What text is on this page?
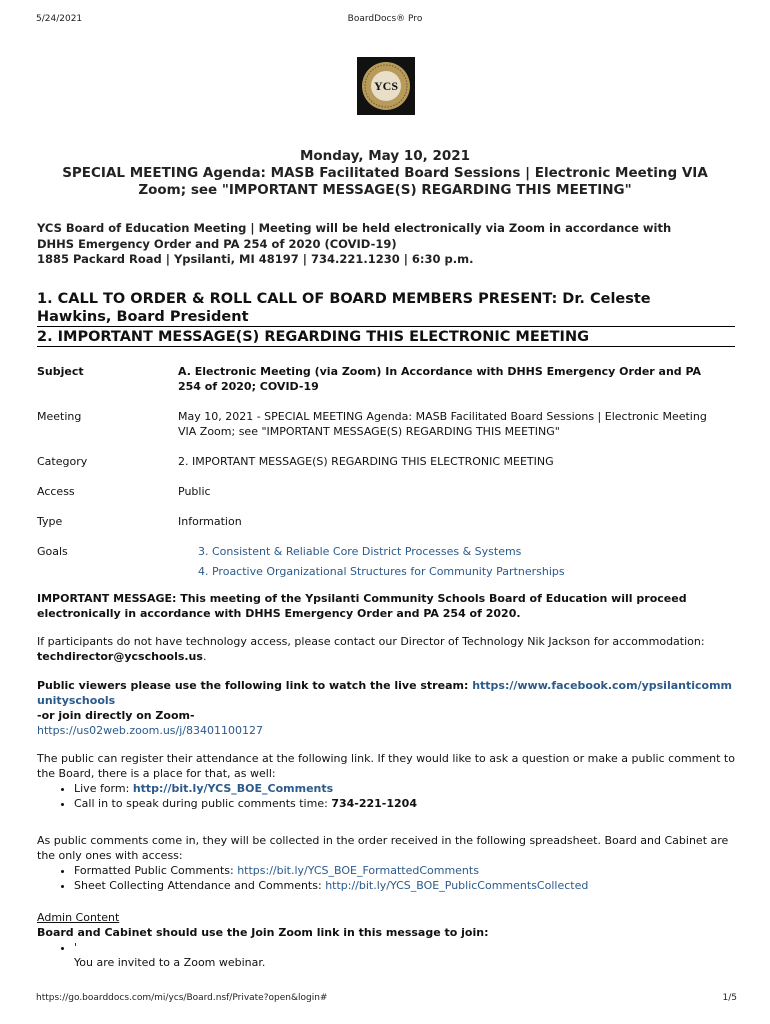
5/24/2021	BoardDocs® Pro
YCS
Monday, May 10, 2021
SPECIAL MEETING Agenda: MASB Facilitated Board Sessions | Electronic Meeting VIA
Zoom; see "IMPORTANT MESSAGE(S) REGARDING THIS MEETING"
YCS Board of Education Meeting | Meeting will be held electronically via Zoom in accordance with
DHHS Emergency Order and PA 254 of 2020 (COVID-19)
1885 Packard Road | Ypsilanti, MI 48197 | 734.221.1230 | 6:30 p.m.
1. CALL TO ORDER & ROLL CALL OF BOARD MEMBERS PRESENT: Dr. Celeste
Hawkins, Board President
2. IMPORTANT MESSAGE(S) REGARDING THIS ELECTRONIC MEETING
Subject	A. Electronic Meeting (via Zoom) In Accordance with DHHS Emergency Order and PA 254 of 2020; COVID-19
Meeting	May 10, 2021 - SPECIAL MEETING Agenda: MASB Facilitated Board Sessions | Electronic Meeting VIA Zoom; see "IMPORTANT MESSAGE(S) REGARDING THIS MEETING"
Category	2. IMPORTANT MESSAGE(S) REGARDING THIS ELECTRONIC MEETING
Access	Public
Type	Information
Goals	3. Consistent & Reliable Core District Processes & Systems
4. Proactive Organizational Structures for Community Partnerships
IMPORTANT MESSAGE: This meeting of the Ypsilanti Community Schools Board of Education will proceed electronically in accordance with DHHS Emergency Order and PA 254 of 2020.
If participants do not have technology access, please contact our Director of Technology Nik Jackson for accommodation: techdirector@ycschools.us.
Public viewers please use the following link to watch the live stream: https://www.facebook.com/ypsilanticommunityschools
-or join directly on Zoom-
https://us02web.zoom.us/j/83401100127
The public can register their attendance at the following link. If they would like to ask a question or make a public comment to the Board, there is a place for that, as well:
• Live form: http://bit.ly/YCS_BOE_Comments
• Call in to speak during public comments time: 734-221-1204
As public comments come in, they will be collected in the order received in the following spreadsheet. Board and Cabinet are the only ones with access:
• Formatted Public Comments: https://bit.ly/YCS_BOE_FormattedComments
• Sheet Collecting Attendance and Comments: http://bit.ly/YCS_BOE_PublicCommentsCollected
Admin Content
Board and Cabinet should use the Join Zoom link in this message to join:
• '
You are invited to a Zoom webinar.
https://go.boarddocs.com/mi/ycs/Board.nsf/Private?open&login#	1/5
